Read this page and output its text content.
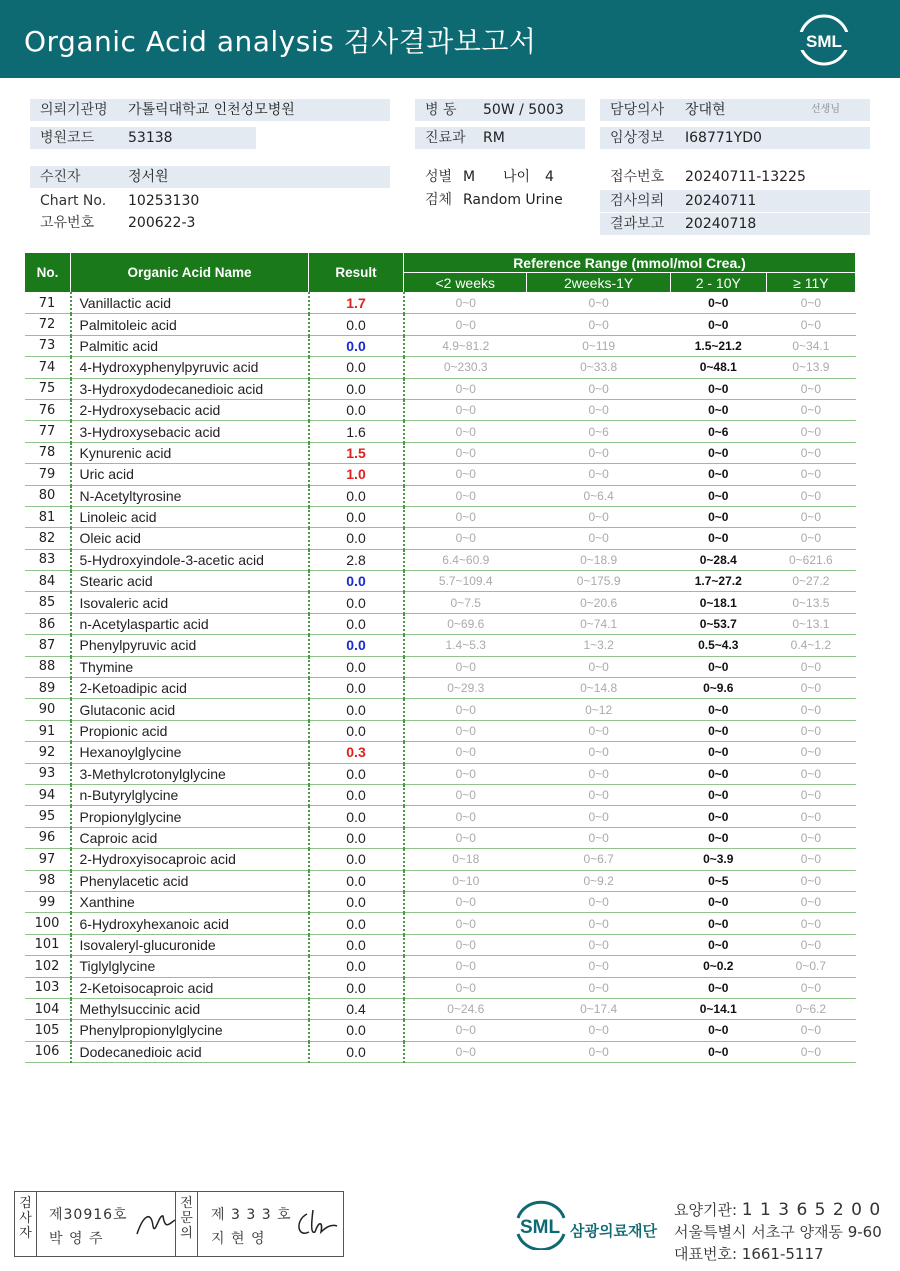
Organic Acid analysis 검사결과보고서	SML
의뢰기관명 가톨릭대학교 인천성모병원
병원코드 53138
수진자	정서원
Chart No. 10253130
고유번호 200622-3
병 동 50W / 5003
진료과 RM
성별 M 나이 4
검체 Random Urine
담당의사 장대현	선생님
임상정보 I68771YD0
접수번호 20240711-13225
검사의뢰 20240711
결과보고 20240718
No.	Organic Acid Name	Result	Reference Range (mmol/mol Crea.)			
			<2 weeks	2weeks-1Y	2 - 10Y	≥ 11Y
71	Vanillactic acid	1.7	0~0	0~0	0~0	0~0
72	Palmitoleic acid	0.0	0~0	0~0	0~0	0~0
73	Palmitic acid	0.0	4.9~81.2	0~119	1.5~21.2	0~34.1
74	4-Hydroxyphenylpyruvic acid	0.0	0~230.3	0~33.8	0~48.1	0~13.9
75	3-Hydroxydodecanedioic acid	0.0	0~0	0~0	0~0	0~0
76	2-Hydroxysebacic acid	0.0	0~0	0~0	0~0	0~0
77	3-Hydroxysebacic acid	1.6	0~0	0~6	0~6	0~0
78	Kynurenic acid	1.5	0~0	0~0	0~0	0~0
79	Uric acid	1.0	0~0	0~0	0~0	0~0
80	N-Acetyltyrosine	0.0	0~0	0~6.4	0~0	0~0
81	Linoleic acid	0.0	0~0	0~0	0~0	0~0
82	Oleic acid	0.0	0~0	0~0	0~0	0~0
83	5-Hydroxyindole-3-acetic acid	2.8	6.4~60.9	0~18.9	0~28.4	0~621.6
84	Stearic acid	0.0	5.7~109.4	0~175.9	1.7~27.2	0~27.2
85	Isovaleric acid	0.0	0~7.5	0~20.6	0~18.1	0~13.5
86	n-Acetylaspartic acid	0.0	0~69.6	0~74.1	0~53.7	0~13.1
87	Phenylpyruvic acid	0.0	1.4~5.3	1~3.2	0.5~4.3	0.4~1.2
88	Thymine	0.0	0~0	0~0	0~0	0~0
89	2-Ketoadipic acid	0.0	0~29.3	0~14.8	0~9.6	0~0
90	Glutaconic acid	0.0	0~0	0~12	0~0	0~0
91	Propionic acid	0.0	0~0	0~0	0~0	0~0
92	Hexanoylglycine	0.3	0~0	0~0	0~0	0~0
93	3-Methylcrotonylglycine	0.0	0~0	0~0	0~0	0~0
94	n-Butyrylglycine	0.0	0~0	0~0	0~0	0~0
95	Propionylglycine	0.0	0~0	0~0	0~0	0~0
96	Caproic acid	0.0	0~0	0~0	0~0	0~0
97	2-Hydroxyisocaproic acid	0.0	0~18	0~6.7	0~3.9	0~0
98	Phenylacetic acid	0.0	0~10	0~9.2	0~5	0~0
99	Xanthine	0.0	0~0	0~0	0~0	0~0
100	6-Hydroxyhexanoic acid	0.0	0~0	0~0	0~0	0~0
101	Isovaleryl-glucuronide	0.0	0~0	0~0	0~0	0~0
102	Tiglylglycine	0.0	0~0	0~0	0~0.2	0~0.7
103	2-Ketoisocaproic acid	0.0	0~0	0~0	0~0	0~0
104	Methylsuccinic acid	0.4	0~24.6	0~17.4	0~14.1	0~6.2
105	Phenylpropionylglycine	0.0	0~0	0~0	0~0	0~0
106	Dodecanedioic acid	0.0	0~0	0~0	0~0	0~0
검
사
자
제30916호
박 영 주
전
문
의
제 3 3 3 호
지 현 영
SML 삼광의료재단
요양기관: 1 1 3 6 5 2 0 0
서울특별시 서초구 양재동 9-60
대표번호: 1661-5117
